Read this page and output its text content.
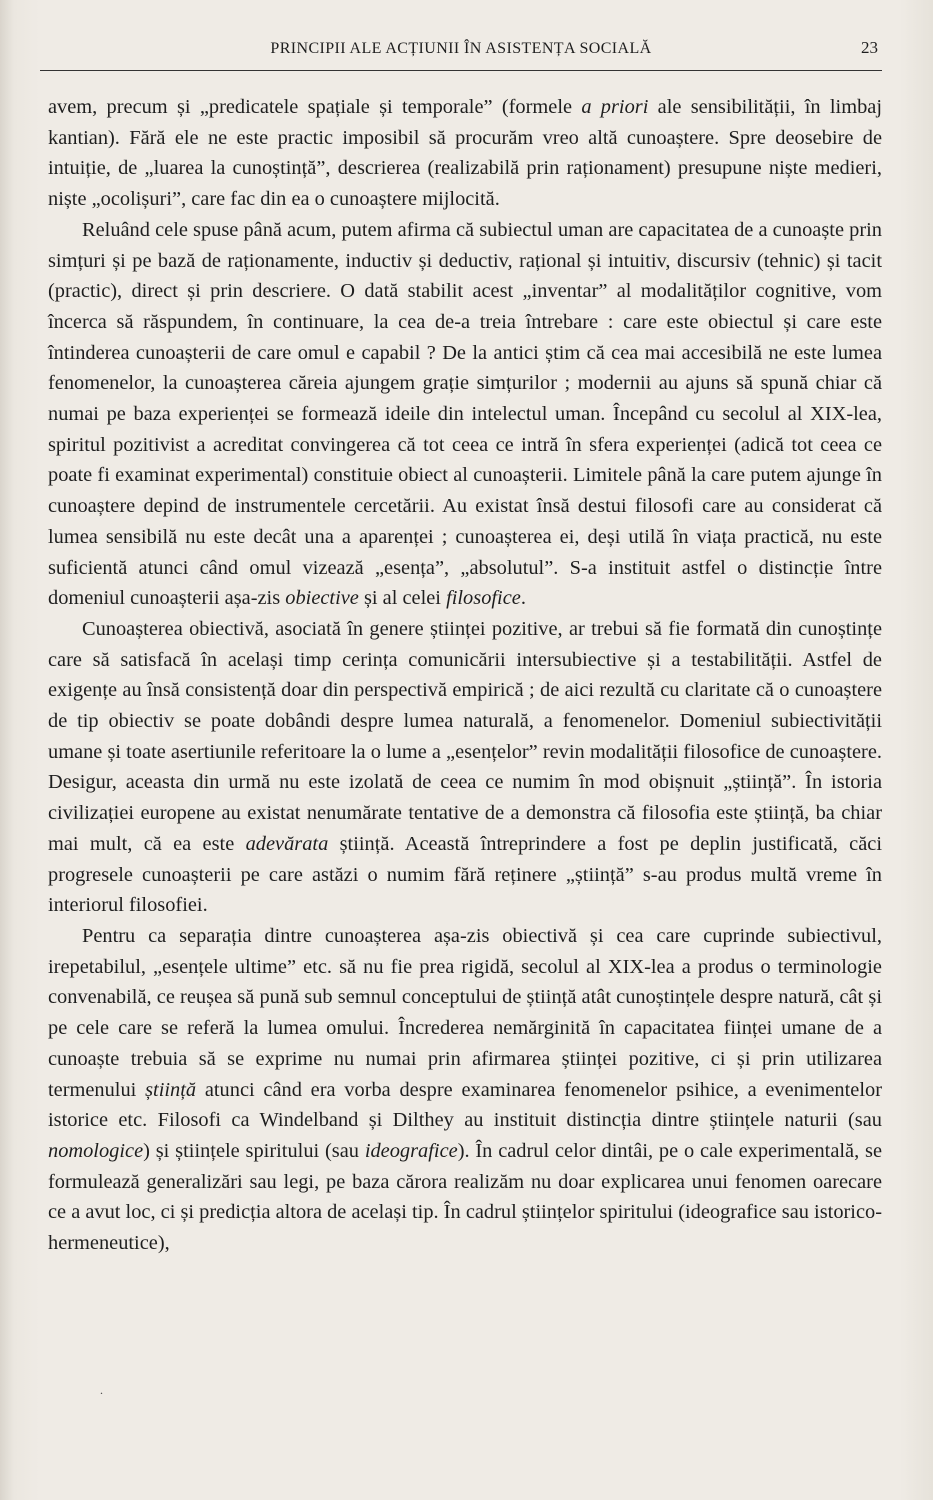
PRINCIPII ALE ACȚIUNII ÎN ASISTENȚA SOCIALĂ	23

avem, precum și „predicatele spațiale și temporale” (formele a priori ale sensibilității, în limbaj kantian). Fără ele ne este practic imposibil să procurăm vreo altă cunoaștere. Spre deosebire de intuiție, de „luarea la cunoștință”, descrierea (realizabilă prin raționament) presupune niște medieri, niște „ocolișuri”, care fac din ea o cunoaștere mijlocită.

Reluând cele spuse până acum, putem afirma că subiectul uman are capacitatea de a cunoaște prin simțuri și pe bază de raționamente, inductiv și deductiv, rațional și intuitiv, discursiv (tehnic) și tacit (practic), direct și prin descriere. O dată stabilit acest „inventar” al modalităților cognitive, vom încerca să răspundem, în continuare, la cea de-a treia întrebare : care este obiectul și care este întinderea cunoașterii de care omul e capabil ? De la antici știm că cea mai accesibilă ne este lumea fenomenelor, la cunoașterea căreia ajungem grație simțurilor ; modernii au ajuns să spună chiar că numai pe baza experienței se formează ideile din intelectul uman. Începând cu secolul al XIX-lea, spiritul pozitivist a acreditat convingerea că tot ceea ce intră în sfera experienței (adică tot ceea ce poate fi examinat experimental) constituie obiect al cunoașterii. Limitele până la care putem ajunge în cunoaștere depind de instrumentele cercetării. Au existat însă destui filosofi care au considerat că lumea sensibilă nu este decât una a aparenței ; cunoașterea ei, deși utilă în viața practică, nu este suficientă atunci când omul vizează „esența”, „absolutul”. S-a instituit astfel o distincție între domeniul cunoașterii așa-zis obiective și al celei filosofice.

Cunoașterea obiectivă, asociată în genere științei pozitive, ar trebui să fie formată din cunoștințe care să satisfacă în același timp cerința comunicării intersubiective și a testabilității. Astfel de exigențe au însă consistență doar din perspectivă empirică ; de aici rezultă cu claritate că o cunoaștere de tip obiectiv se poate dobândi despre lumea naturală, a fenomenelor. Domeniul subiectivității umane și toate asertiunile referitoare la o lume a „esențelor” revin modalității filosofice de cunoaștere. Desigur, aceasta din urmă nu este izolată de ceea ce numim în mod obișnuit „știință”. În istoria civilizației europene au existat nenumărate tentative de a demonstra că filosofia este știință, ba chiar mai mult, că ea este adevărata știință. Această întreprindere a fost pe deplin justificată, căci progresele cunoașterii pe care astăzi o numim fără reținere „știință” s-au produs multă vreme în interiorul filosofiei.

Pentru ca separația dintre cunoașterea așa-zis obiectivă și cea care cuprinde subiectivul, irepetabilul, „esențele ultime” etc. să nu fie prea rigidă, secolul al XIX-lea a produs o terminologie convenabilă, ce reușea să pună sub semnul conceptului de știință atât cunoștințele despre natură, cât și pe cele care se referă la lumea omului. Încrederea nemărginită în capacitatea ființei umane de a cunoaște trebuia să se exprime nu numai prin afirmarea științei pozitive, ci și prin utilizarea termenului știință atunci când era vorba despre examinarea fenomenelor psihice, a evenimentelor istorice etc. Filosofi ca Windelband și Dilthey au instituit distincția dintre științele naturii (sau nomologice) și științele spiritului (sau ideografice). În cadrul celor dintâi, pe o cale experimentală, se formulează generalizări sau legi, pe baza cărora realizăm nu doar explicarea unui fenomen oarecare ce a avut loc, ci și predicția altora de același tip. În cadrul științelor spiritului (ideografice sau istorico-hermeneutice),

.
